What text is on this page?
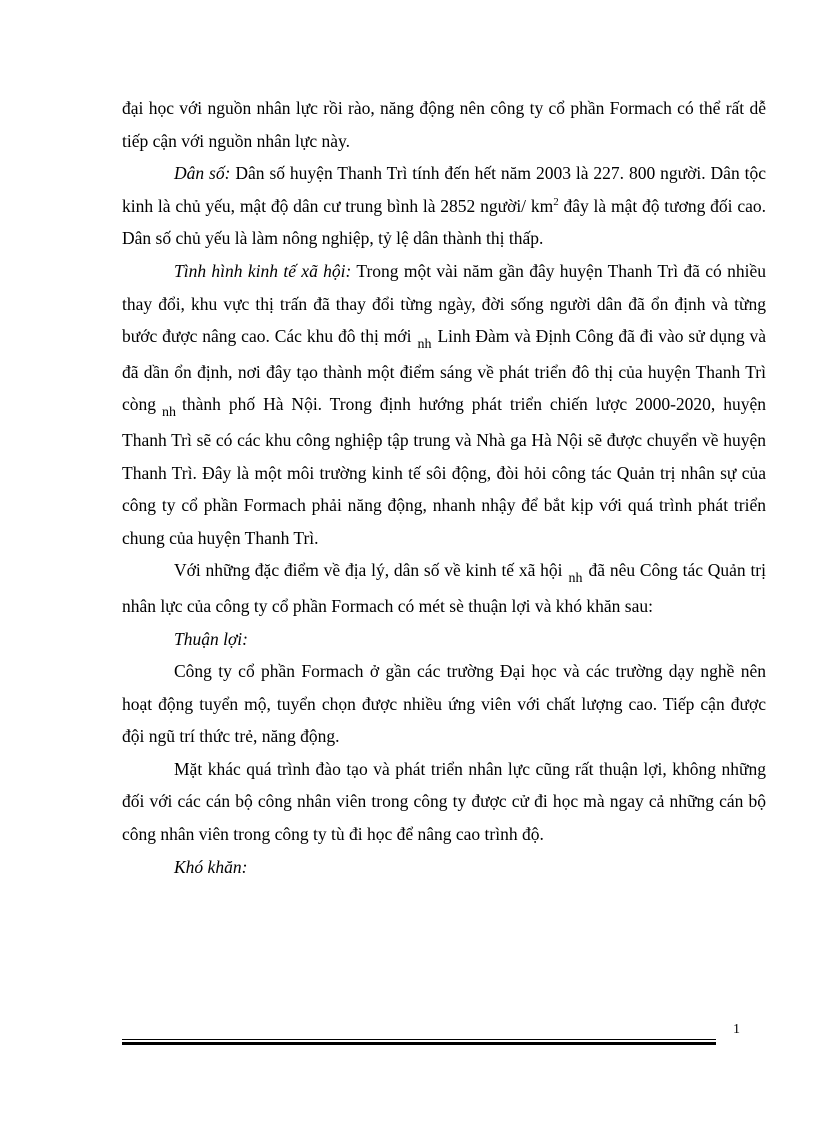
đại học với nguồn nhân lực rồi rào, năng động nên công ty cổ phần Formach có thể rất dễ tiếp cận với nguồn nhân lực này.

Dân số: Dân số huyện Thanh Trì tính đến hết năm 2003 là 227. 800 người. Dân tộc kinh là chủ yếu, mật độ dân cư trung bình là 2852 người/ $km^2$ đây là mật độ tương đối cao. Dân số chủ yếu là làm nông nghiệp, tỷ lệ dân thành thị thấp.

Tình hình kinh tế xã hội: Trong một vài năm gần đây huyện Thanh Trì đã có nhiều thay đổi, khu vực thị trấn đã thay đổi từng ngày, đời sống người dân đã ổn định và từng bước được nâng cao. Các khu đô thị mới $_{nh}$ Linh Đàm và Định Công đã đi vào sử dụng và đã dần ổn định, nơi đây tạo thành một điểm sáng về phát triển đô thị của huyện Thanh Trì còng $_{nh}$ thành phố Hà Nội. Trong định hướng phát triển chiến lược 2000-2020, huyện Thanh Trì sẽ có các khu công nghiệp tập trung và Nhà ga Hà Nội sẽ được chuyển về huyện Thanh Trì. Đây là một môi trường kinh tế sôi động, đòi hỏi công tác Quản trị nhân sự của công ty cổ phần Formach phải năng động, nhanh nhậy để bắt kịp với quá trình phát triển chung của huyện Thanh Trì.

Với những đặc điểm về địa lý, dân số về kinh tế xã hội $_{nh}$ đã nêu Công tác Quản trị nhân lực của công ty cổ phần Formach có mét sè thuận lợi và khó khăn sau:

Thuận lợi:

Công ty cổ phần Formach ở gần các trường Đại học và các trường dạy nghề nên hoạt động tuyển mộ, tuyển chọn được nhiều ứng viên với chất lượng cao. Tiếp cận được đội ngũ trí thức trẻ, năng động.

Mặt khác quá trình đào tạo và phát triển nhân lực cũng rất thuận lợi, không những đối với các cán bộ công nhân viên trong công ty được cử đi học mà ngay cả những cán bộ công nhân viên trong công ty tù đi học để nâng cao trình độ.

Khó khăn:

1
